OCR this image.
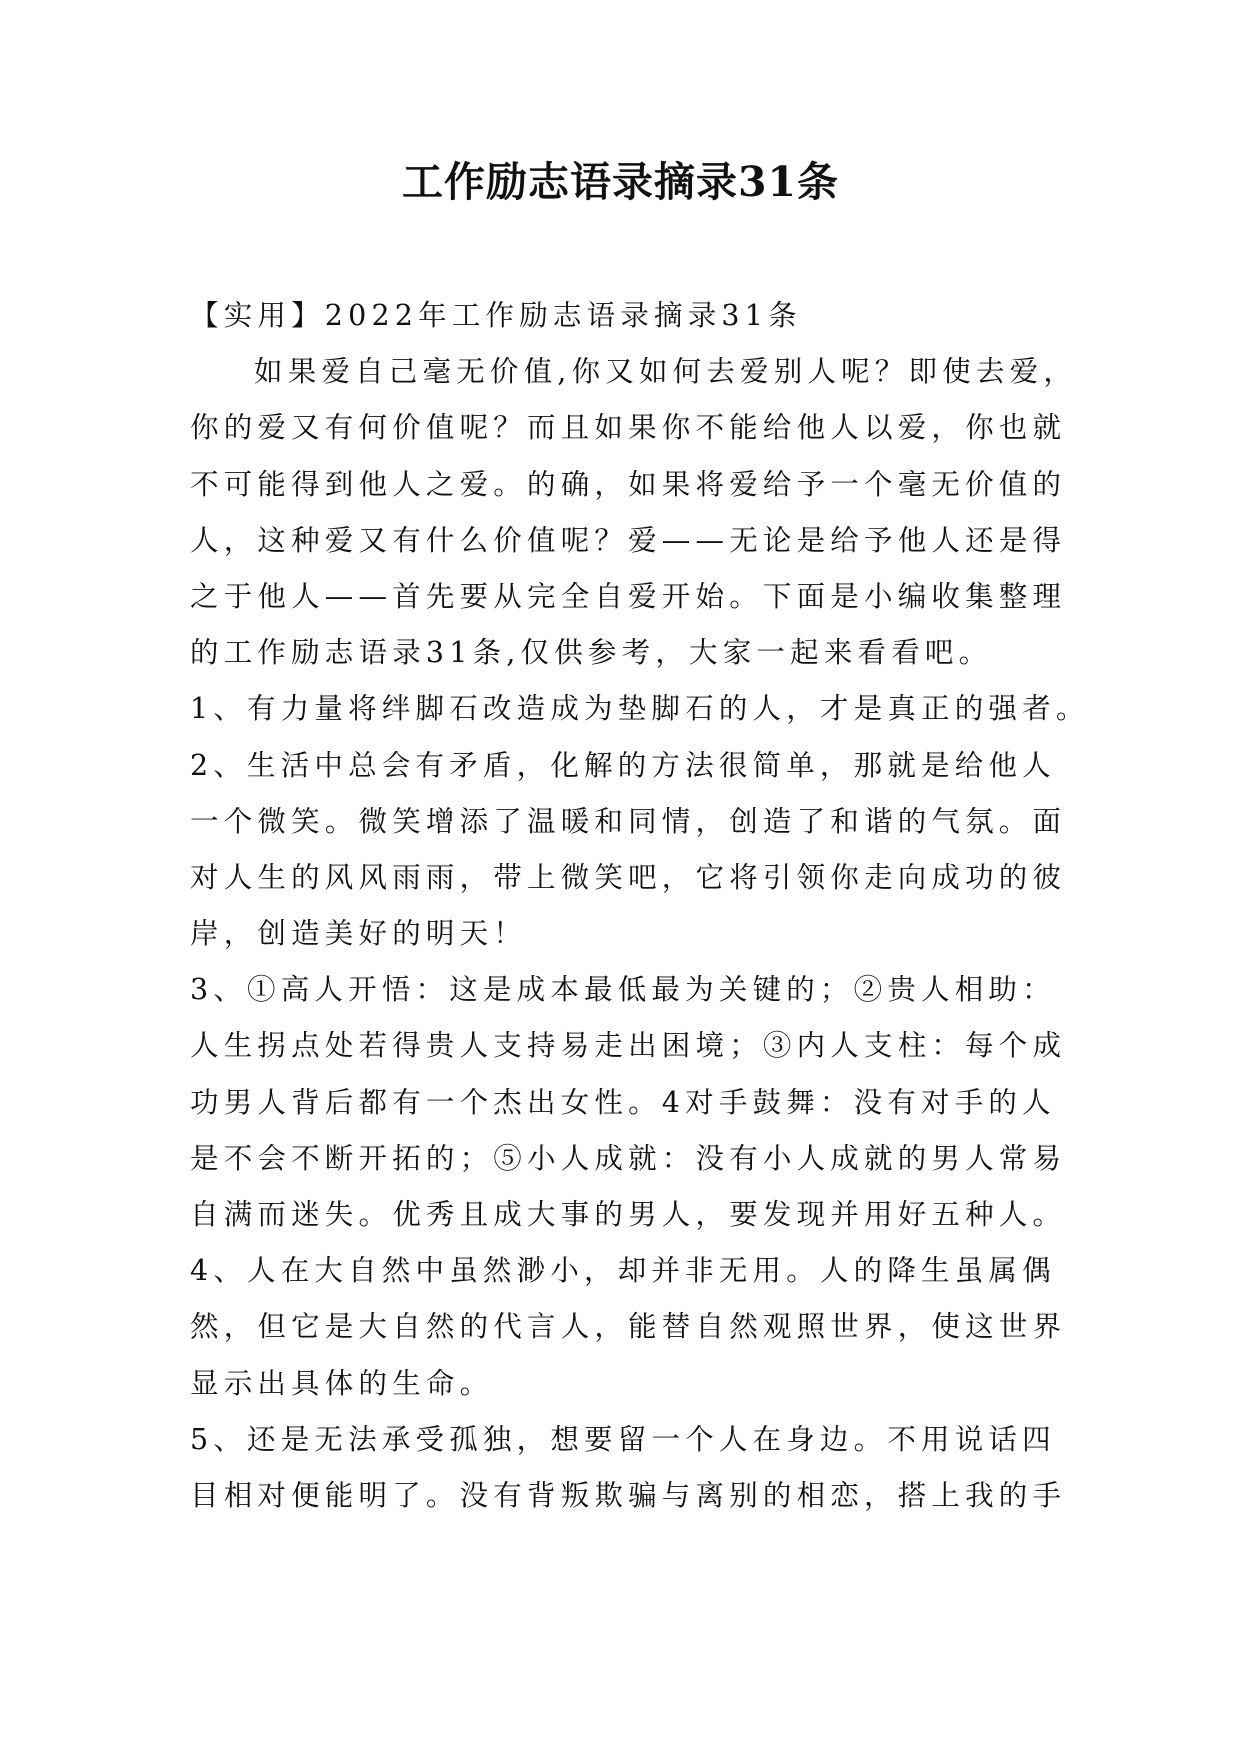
工作励志语录摘录31条
【实用】2022年工作励志语录摘录31条
如果爱自己毫无价值,你又如何去爱别人呢？即使去爱，
你的爱又有何价值呢？而且如果你不能给他人以爱，你也就
不可能得到他人之爱。的确，如果将爱给予一个毫无价值的
人，这种爱又有什么价值呢？爱——无论是给予他人还是得
之于他人——首先要从完全自爱开始。下面是小编收集整理
的工作励志语录31条,仅供参考，大家一起来看看吧。
1、有力量将绊脚石改造成为垫脚石的人，才是真正的强者。
2、生活中总会有矛盾，化解的方法很简单，那就是给他人
一个微笑。微笑增添了温暖和同情，创造了和谐的气氛。面
对人生的风风雨雨，带上微笑吧，它将引领你走向成功的彼
岸，创造美好的明天！
3、①高人开悟：这是成本最低最为关键的；②贵人相助：
人生拐点处若得贵人支持易走出困境；③内人支柱：每个成
功男人背后都有一个杰出女性。4对手鼓舞：没有对手的人
是不会不断开拓的；⑤小人成就：没有小人成就的男人常易
自满而迷失。优秀且成大事的男人，要发现并用好五种人。
4、人在大自然中虽然渺小，却并非无用。人的降生虽属偶
然，但它是大自然的代言人，能替自然观照世界，使这世界
显示出具体的生命。
5、还是无法承受孤独，想要留一个人在身边。不用说话四
目相对便能明了。没有背叛欺骗与离别的相恋，搭上我的手
